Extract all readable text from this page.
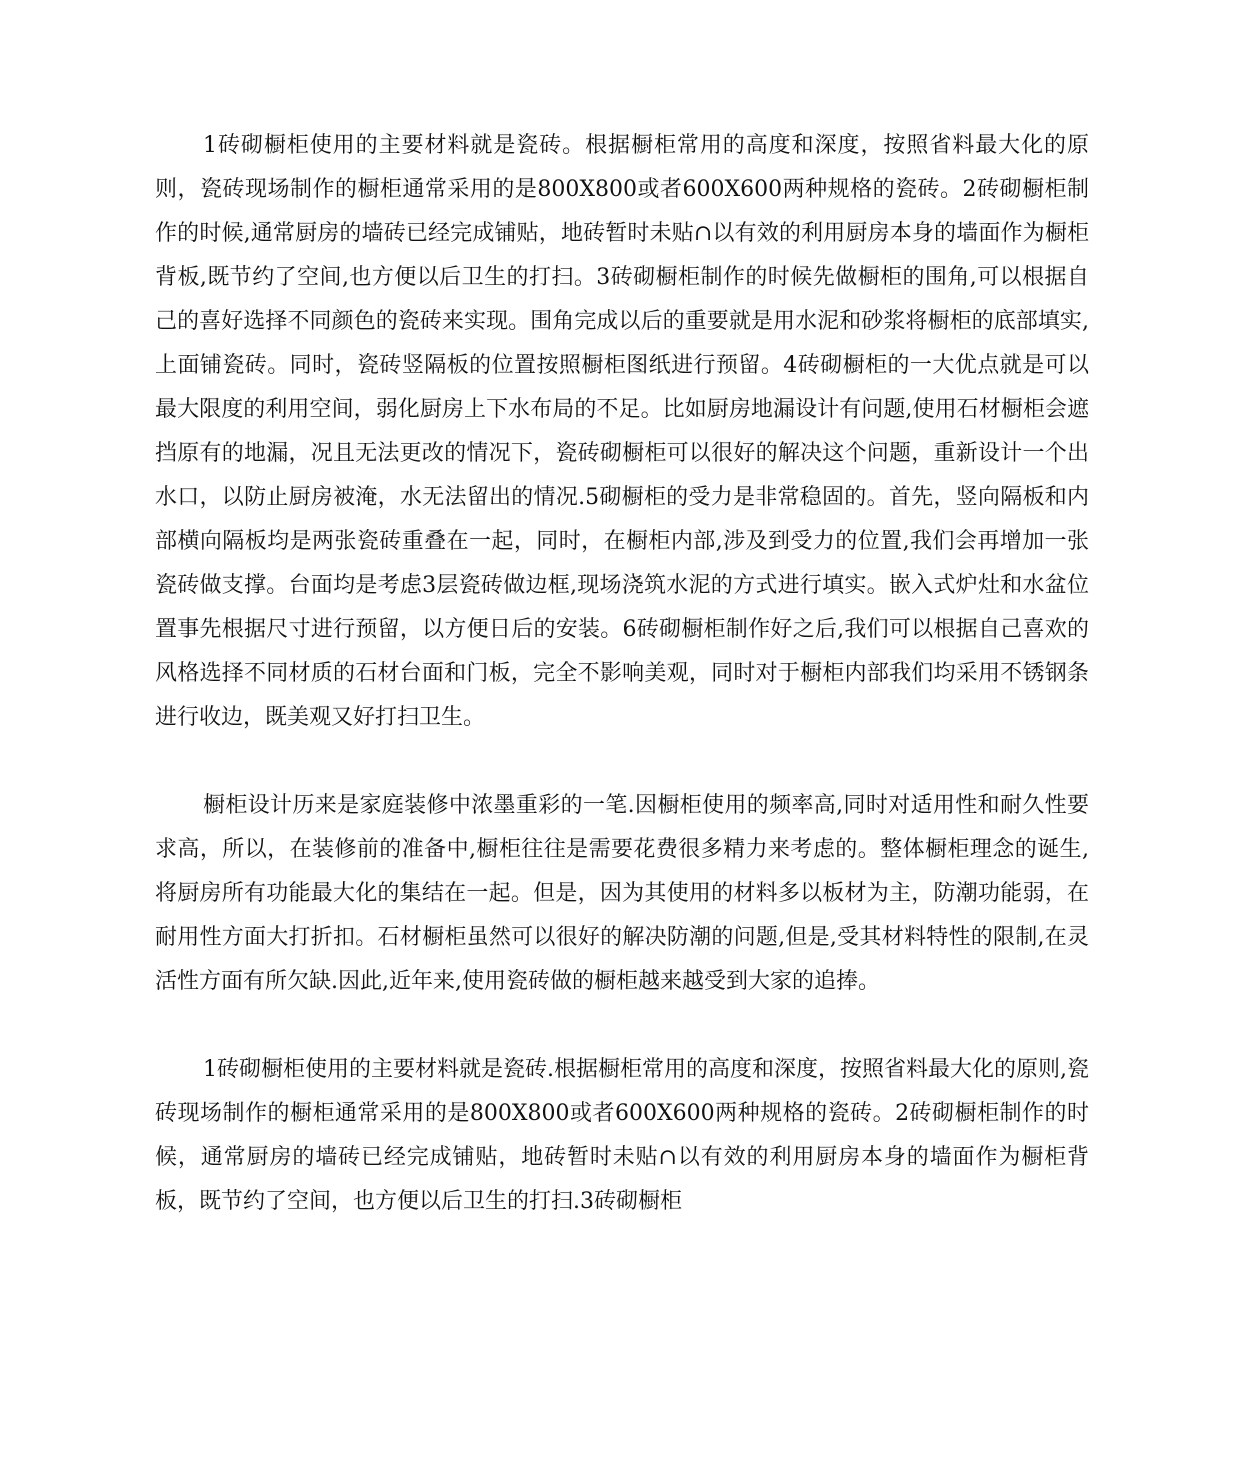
1砖砌橱柜使用的主要材料就是瓷砖。根据橱柜常用的高度和深度，按照省料最大化的原则，瓷砖现场制作的橱柜通常采用的是800X800或者600X600两种规格的瓷砖。2砖砌橱柜制作的时候,通常厨房的墙砖已经完成铺贴，地砖暂时未贴∩以有效的利用厨房本身的墙面作为橱柜背板,既节约了空间,也方便以后卫生的打扫。3砖砌橱柜制作的时候先做橱柜的围角,可以根据自己的喜好选择不同颜色的瓷砖来实现。围角完成以后的重要就是用水泥和砂浆将橱柜的底部填实,上面铺瓷砖。同时，瓷砖竖隔板的位置按照橱柜图纸进行预留。4砖砌橱柜的一大优点就是可以最大限度的利用空间，弱化厨房上下水布局的不足。比如厨房地漏设计有问题,使用石材橱柜会遮挡原有的地漏，况且无法更改的情况下，瓷砖砌橱柜可以很好的解决这个问题，重新设计一个出水口，以防止厨房被淹，水无法留出的情况.5砌橱柜的受力是非常稳固的。首先，竖向隔板和内部横向隔板均是两张瓷砖重叠在一起，同时，在橱柜内部,涉及到受力的位置,我们会再增加一张瓷砖做支撑。台面均是考虑3层瓷砖做边框,现场浇筑水泥的方式进行填实。嵌入式炉灶和水盆位置事先根据尺寸进行预留，以方便日后的安装。6砖砌橱柜制作好之后,我们可以根据自己喜欢的风格选择不同材质的石材台面和门板，完全不影响美观，同时对于橱柜内部我们均采用不锈钢条进行收边，既美观又好打扫卫生。

橱柜设计历来是家庭装修中浓墨重彩的一笔.因橱柜使用的频率高,同时对适用性和耐久性要求高，所以，在装修前的准备中,橱柜往往是需要花费很多精力来考虑的。整体橱柜理念的诞生,将厨房所有功能最大化的集结在一起。但是，因为其使用的材料多以板材为主，防潮功能弱，在耐用性方面大打折扣。石材橱柜虽然可以很好的解决防潮的问题,但是,受其材料特性的限制,在灵活性方面有所欠缺.因此,近年来,使用瓷砖做的橱柜越来越受到大家的追捧。

1砖砌橱柜使用的主要材料就是瓷砖.根据橱柜常用的高度和深度，按照省料最大化的原则,瓷砖现场制作的橱柜通常采用的是800X800或者600X600两种规格的瓷砖。2砖砌橱柜制作的时候，通常厨房的墙砖已经完成铺贴，地砖暂时未贴∩以有效的利用厨房本身的墙面作为橱柜背板，既节约了空间，也方便以后卫生的打扫.3砖砌橱柜
